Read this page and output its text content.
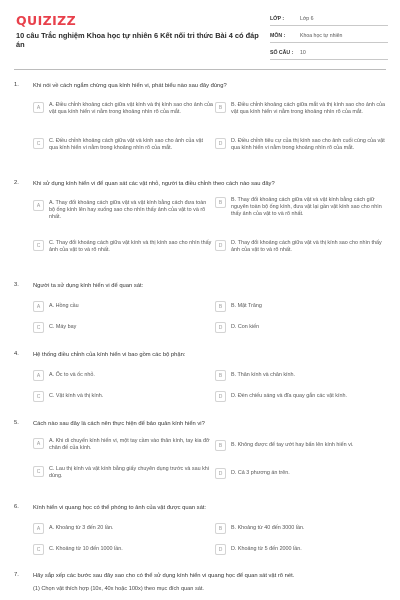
QUIZIZZ
10 câu Trắc nghiệm Khoa học tự nhiên 6 Kết nối tri thức Bài 4 có đáp án
LỚP :	Lớp 6
MÔN :	Khoa học tự nhiên
SỐ CÂU :	10
1. Khi nói về cách ngắm chừng qua kính hiển vi, phát biểu nào sau đây đúng?
A	A. Điều chỉnh khoảng cách giữa vật kính và thị kính sao cho ảnh của vật qua kính hiển vi nằm trong khoảng nhìn rõ của mắt.
B	B. Điều chỉnh khoảng cách giữa mắt và thị kính sao cho ảnh của vật qua kính hiển vi nằm trong khoảng nhìn rõ của mắt.
C	C. Điều chỉnh khoảng cách giữa vật và kính sao cho ảnh của vật qua kính hiển vi nằm trong khoảng nhìn rõ của mắt.
D	D. Điều chỉnh tiêu cự của thị kính sao cho ảnh cuối cùng của vật qua kính hiển vi nằm trong khoảng nhìn rõ của mắt.
2. Khi sử dụng kính hiển vi để quan sát các vật nhỏ, người ta điều chỉnh theo cách nào sau đây?
A	A. Thay đổi khoảng cách giữa vật và vật kính bằng cách đưa toàn bộ ống kính lên hay xuống sao cho nhìn thấy ảnh của vật to và rõ nhất.
B	B. Thay đổi khoảng cách giữa vật và vật kính bằng cách giữ nguyên toàn bộ ống kính, đưa vật lại gần vật kính sao cho nhìn thấy ảnh của vật to và rõ nhất.
C	C. Thay đổi khoảng cách giữa vật kính và thị kính sao cho nhìn thấy ảnh của vật to và rõ nhất.
D	D. Thay đổi khoảng cách giữa vật và thị kính sao cho nhìn thấy ảnh của vật to và rõ nhất.
3. Người ta sử dụng kính hiển vi để quan sát:
A	A. Hồng cầu	B	B. Mặt Trăng
C	C. Máy bay	D	D. Con kiến
4. Hệ thống điều chỉnh của kính hiển vi bao gồm các bộ phận:
A	A. Ốc to và ốc nhỏ.	B	B. Thân kính và chân kính.
C	C. Vật kính và thị kính.	D	D. Đèn chiếu sáng và đĩa quay gắn các vật kính.
5. Cách nào sau đây là cách nên thực hiện để bảo quản kính hiển vi?
A	A. Khi di chuyển kính hiển vi, một tay cầm vào thân kính, tay kia đỡ chân đế của kính.	B	B. Không được để tay ướt hay bẩn lên kính hiển vi.
C	C. Lau thị kính và vật kính bằng giấy chuyên dụng trước và sau khi dùng.	D	D. Cả 3 phương án trên.
6. Kính hiển vi quang học có thể phóng to ảnh của vật được quan sát:
A	A. Khoảng từ 3 đến 20 lần.	B	B. Khoảng từ 40 đến 3000 lần.
C	C. Khoảng từ 10 đến 1000 lần.	D	D. Khoảng từ 5 đến 2000 lần.
7. Hãy sắp xếp các bước sau đây sao cho có thể sử dụng kính hiển vi quang học để quan sát vật rõ nét.
(1) Chọn vật thích hợp (10x, 40x hoặc 100x) theo mục đích quan sát.
